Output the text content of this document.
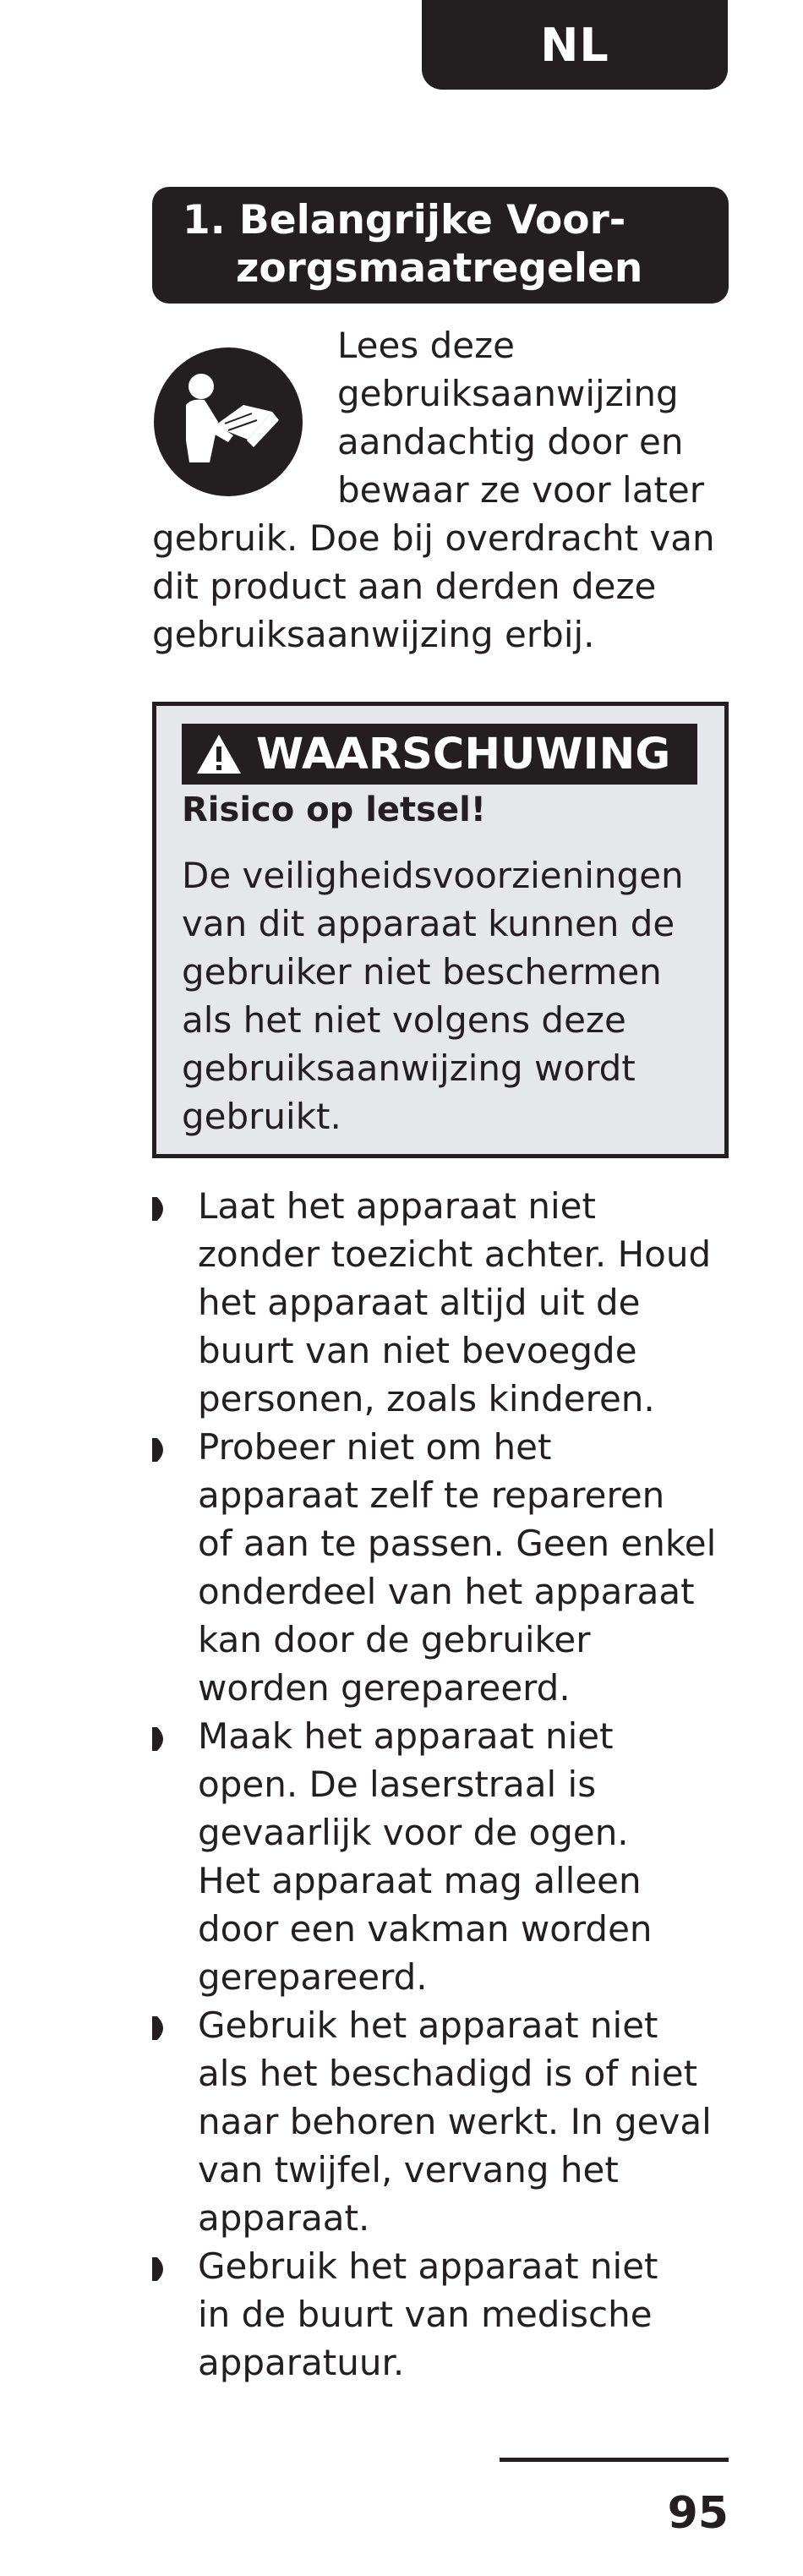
NL
1. Belangrijke Voor-
zorgsmaatregelen
Lees deze
gebruiksaanwijzing
aandachtig door en
bewaar ze voor later
gebruik. Doe bij overdracht van
dit product aan derden deze
gebruiksaanwijzing erbij.
WAARSCHUWING
Risico op letsel!
De veiligheidsvoorzieningen
van dit apparaat kunnen de
gebruiker niet beschermen
als het niet volgens deze
gebruiksaanwijzing wordt
gebruikt.
Laat het apparaat niet
zonder toezicht achter. Houd
het apparaat altijd uit de
buurt van niet bevoegde
personen, zoals kinderen.
Probeer niet om het
apparaat zelf te repareren
of aan te passen. Geen enkel
onderdeel van het apparaat
kan door de gebruiker
worden gerepareerd.
Maak het apparaat niet
open. De laserstraal is
gevaarlijk voor de ogen.
Het apparaat mag alleen
door een vakman worden
gerepareerd.
Gebruik het apparaat niet
als het beschadigd is of niet
naar behoren werkt. In geval
van twijfel, vervang het
apparaat.
Gebruik het apparaat niet
in de buurt van medische
apparatuur.
95
